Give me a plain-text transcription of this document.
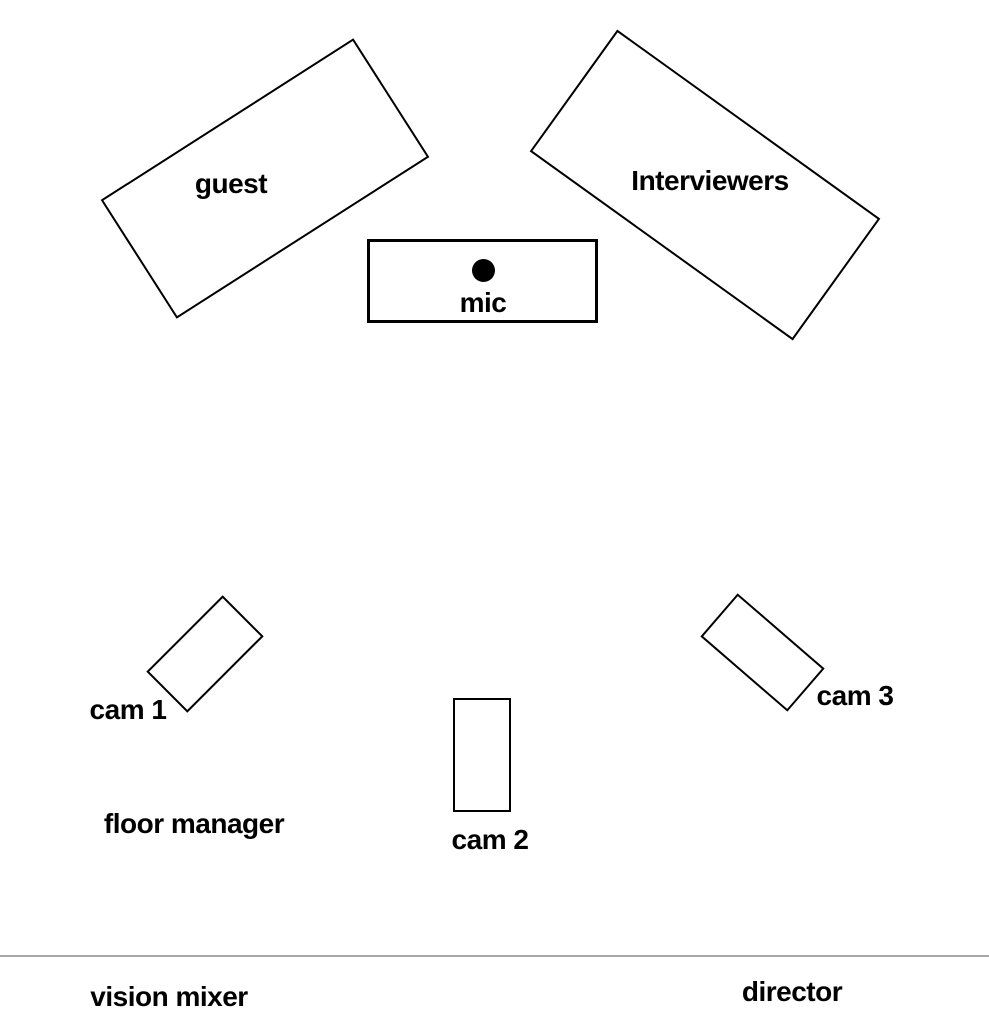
guest	Interviewers
mic
cam 1
cam 2
cam 3
floor manager
vision mixer	director
